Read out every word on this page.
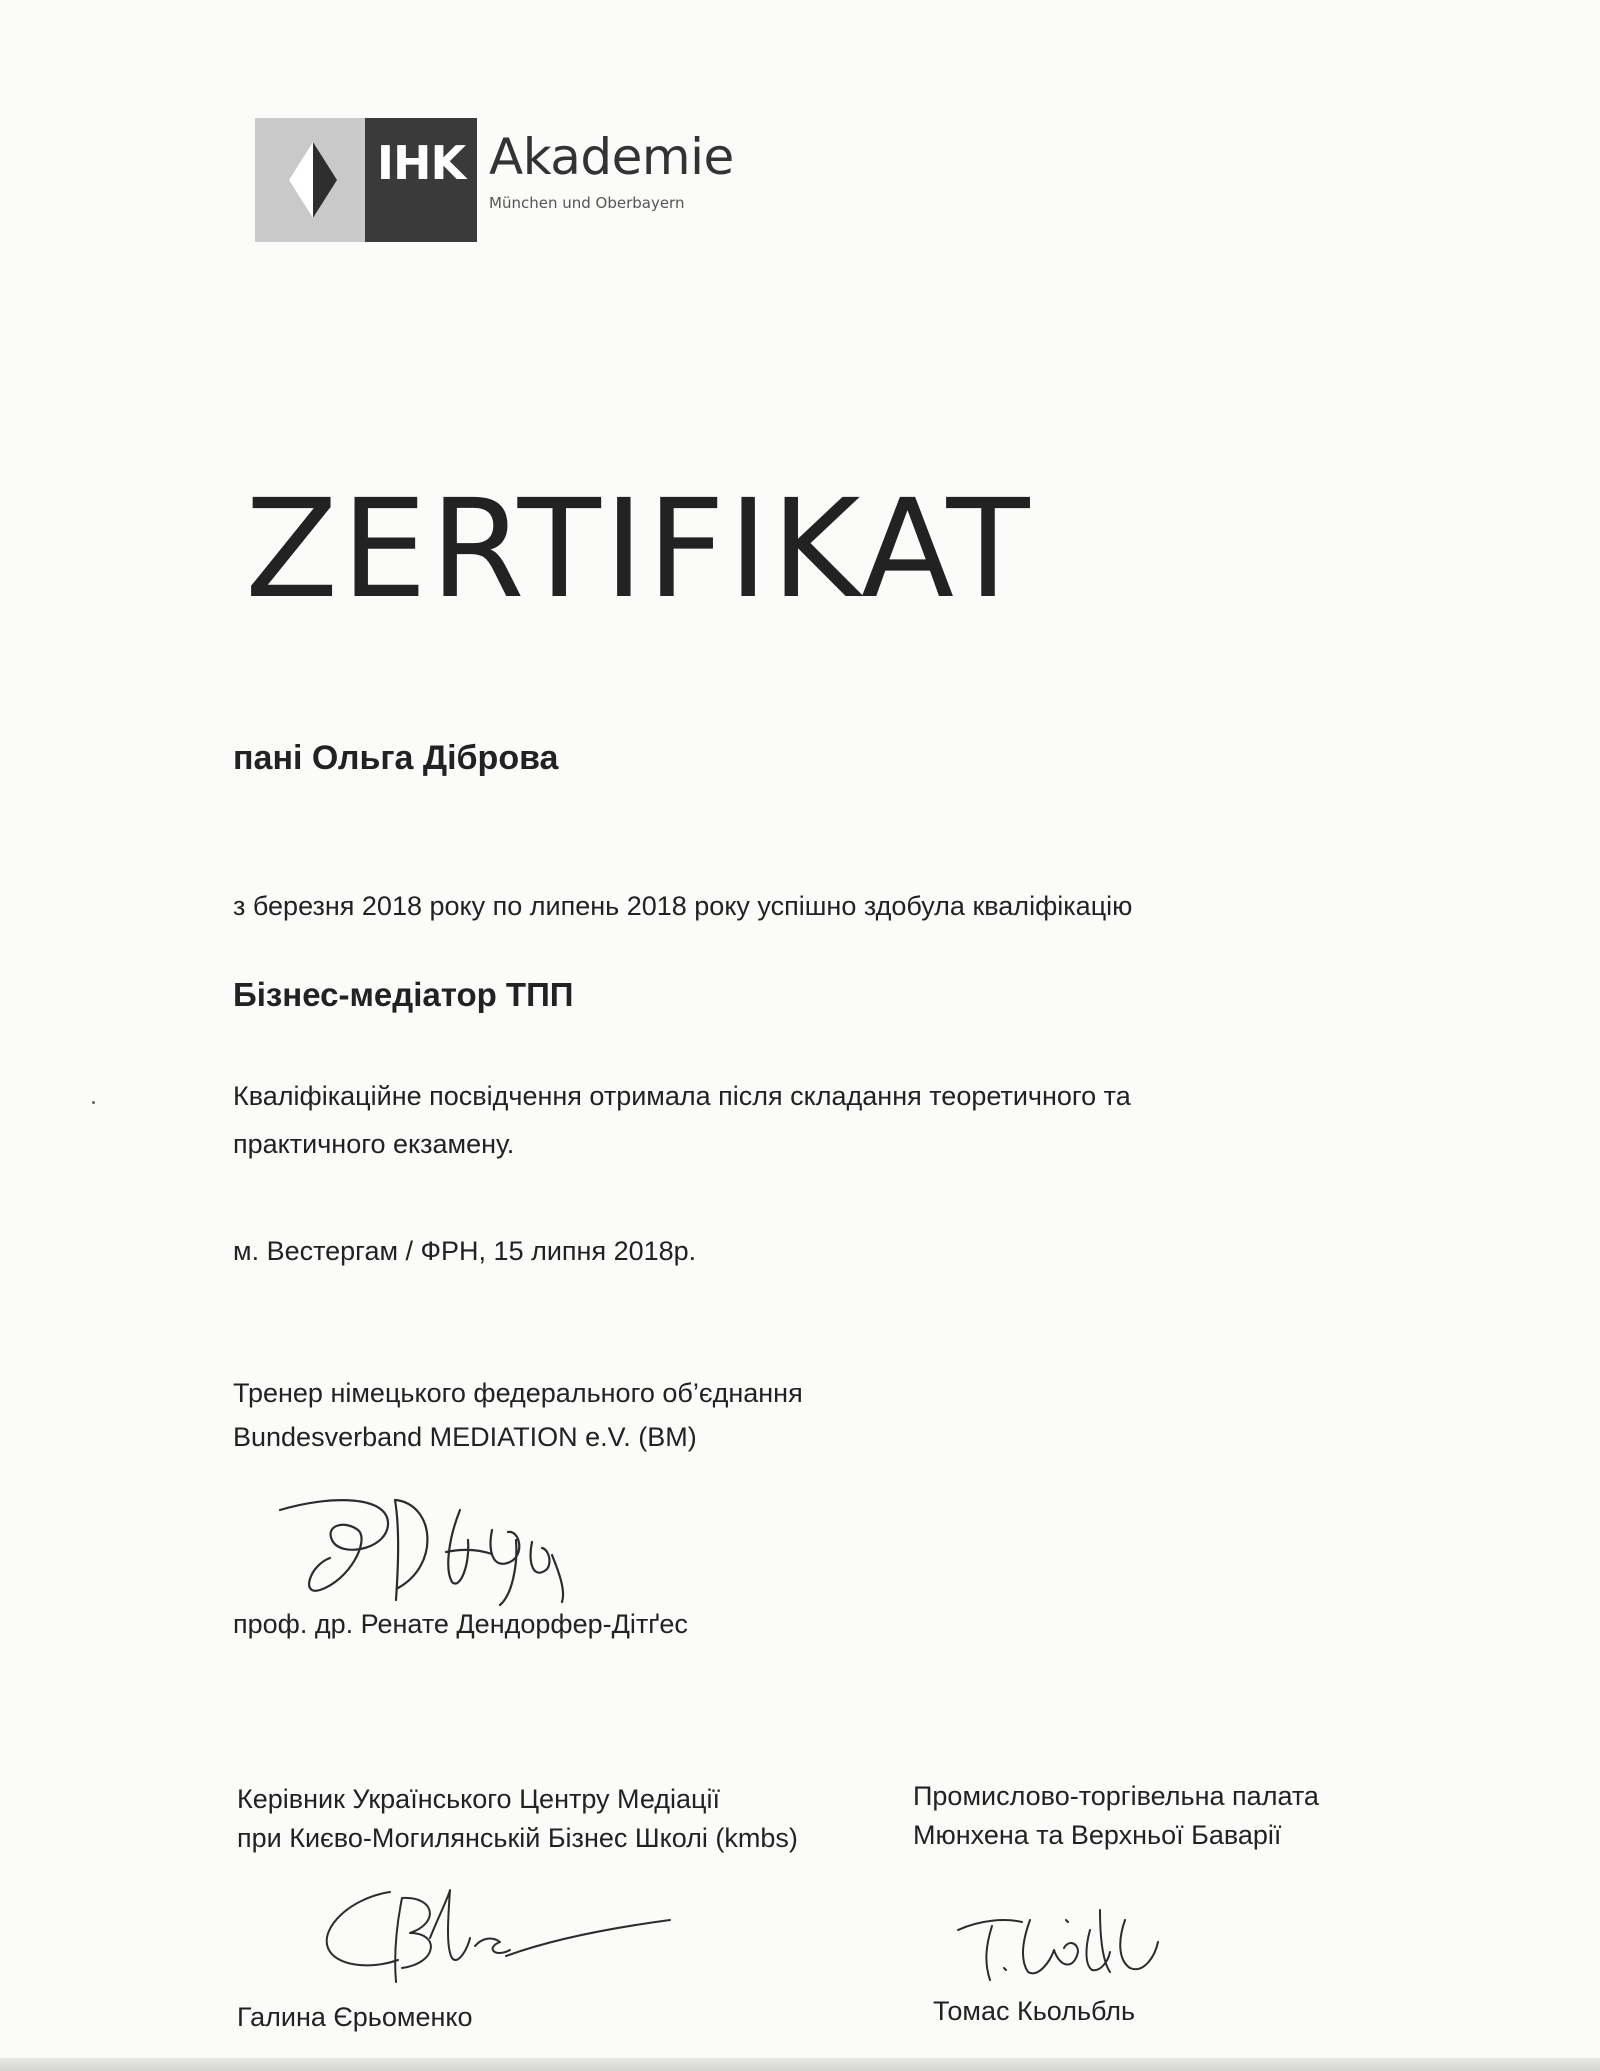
IHK Akademie
München und Oberbayern
ZERTIFIKAT
пані Ольга Діброва
з березня 2018 року по липень 2018 року успішно здобула кваліфікацію
Бізнес-медіатор ТПП
Кваліфікаційне посвідчення отримала після складання теоретичного та
практичного екзамену.
м. Вестергам / ФРН, 15 липня 2018р.
Тренер німецького федерального об’єднання
Bundesverband MEDIATION e.V. (BM)
проф. др. Ренате Дендорфер-Дітґес
Керівник Українського Центру Медіації
при Києво-Могилянській Бізнес Школі (kmbs)
Промислово-торгівельна палата
Мюнхена та Верхньої Баварії
Галина Єрьоменко	Томас Кьольбль
